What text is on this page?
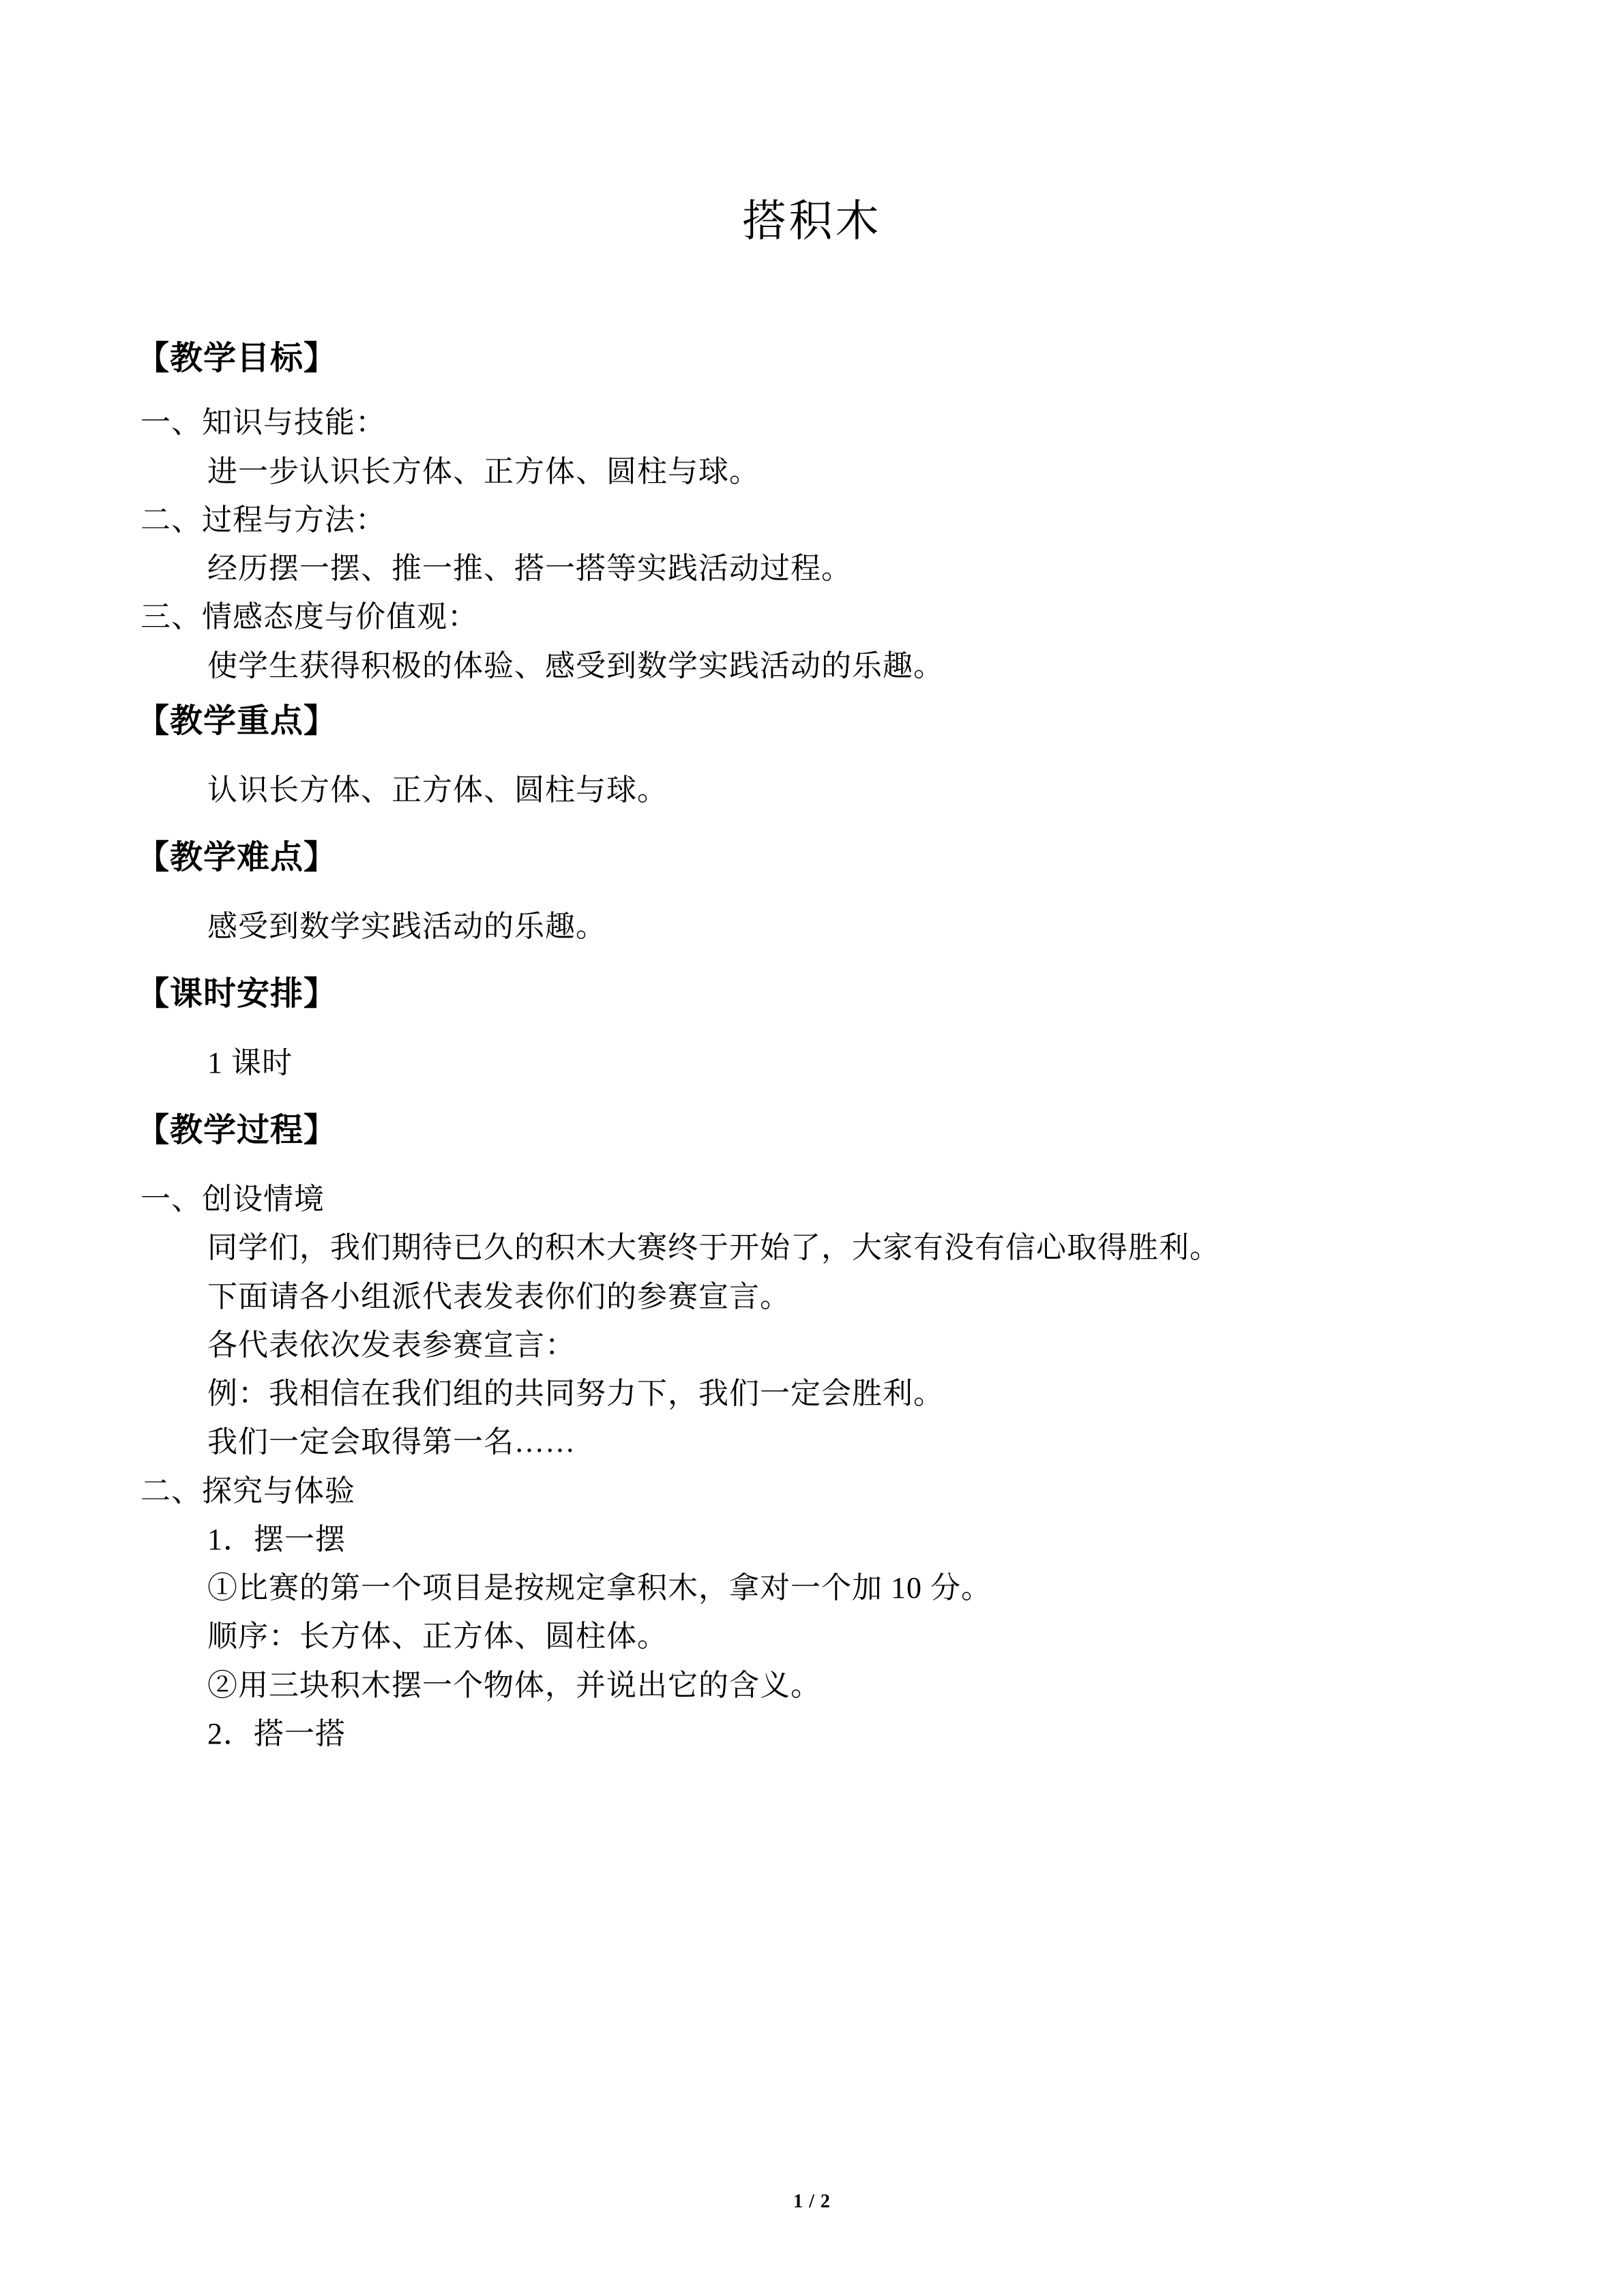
搭积木
【教学目标】
一、知识与技能：
进一步认识长方体、正方体、圆柱与球。
二、过程与方法：
经历摆一摆、推一推、搭一搭等实践活动过程。
三、情感态度与价值观：
使学生获得积极的体验、感受到数学实践活动的乐趣。
【教学重点】
认识长方体、正方体、圆柱与球。
【教学难点】
感受到数学实践活动的乐趣。
【课时安排】
1 课时
【教学过程】
一、创设情境
同学们，我们期待已久的积木大赛终于开始了，大家有没有信心取得胜利。
下面请各小组派代表发表你们的参赛宣言。
各代表依次发表参赛宣言：
例：我相信在我们组的共同努力下，我们一定会胜利。
我们一定会取得第一名……
二、探究与体验
1．摆一摆
①比赛的第一个项目是按规定拿积木，拿对一个加 10 分。
顺序：长方体、正方体、圆柱体。
②用三块积木摆一个物体，并说出它的含义。
2．搭一搭
1 / 2
